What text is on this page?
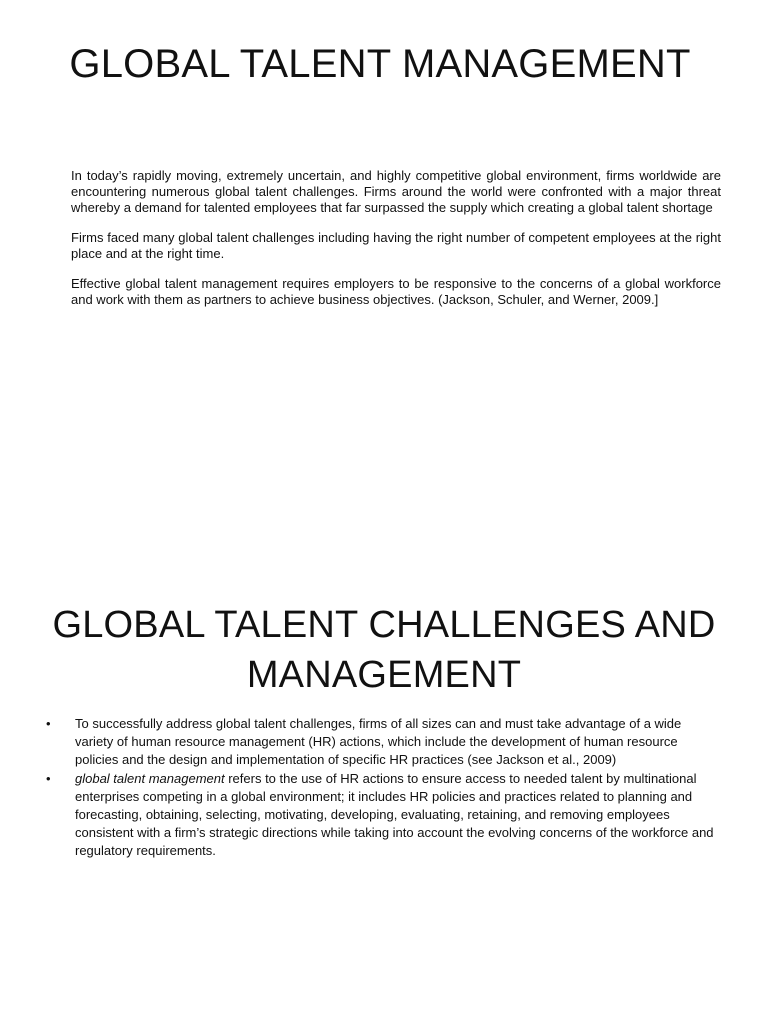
GLOBAL TALENT MANAGEMENT

In today’s rapidly moving, extremely uncertain, and highly competitive global environment, firms worldwide are encountering numerous global talent challenges. Firms around the world were confronted with a major threat whereby a demand for talented employees that far surpassed the supply which creating a global talent shortage

Firms faced many global talent challenges including having the right number of competent employees at the right place and at the right time.

Effective global talent management requires employers to be responsive to the concerns of a global workforce and work with them as partners to achieve business objectives. (Jackson, Schuler, and Werner, 2009.]

GLOBAL TALENT CHALLENGES AND
MANAGEMENT
• To successfully address global talent challenges, firms of all sizes can and must take advantage of a wide variety of human resource management (HR) actions, which include the development of human resource policies and the design and implementation of specific HR practices (see Jackson et al., 2009)
• global talent management refers to the use of HR actions to ensure access to needed talent by multinational enterprises competing in a global environment; it includes HR policies and practices related to planning and forecasting, obtaining, selecting, motivating, developing, evaluating, retaining, and removing employees consistent with a firm’s strategic directions while taking into account the evolving concerns of the workforce and regulatory requirements.
